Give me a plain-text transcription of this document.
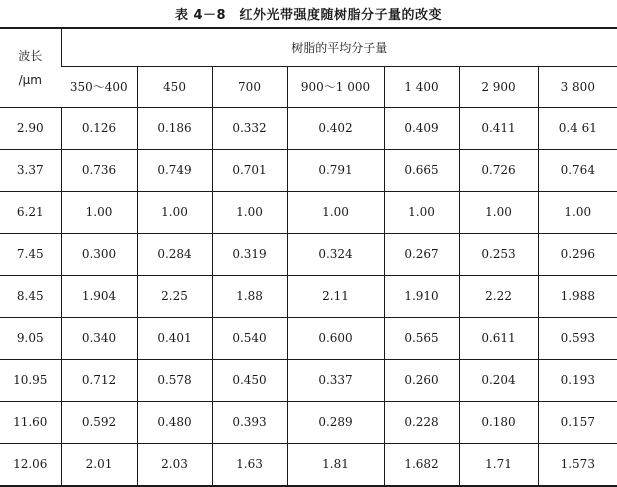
表 4－8　红外光带强度随树脂分子量的改变
波长
/μm	树脂的平均分子量						
	350～400	450	700	900～1 000	1 400	2 900	3 800
2.90	0.126	0.186	0.332	0.402	0.409	0.411	0.4 61
3.37	0.736	0.749	0.701	0.791	0.665	0.726	0.764
6.21	1.00	1.00	1.00	1.00	1.00	1.00	1.00
7.45	0.300	0.284	0.319	0.324	0.267	0.253	0.296
8.45	1.904	2.25	1.88	2.11	1.910	2.22	1.988
9.05	0.340	0.401	0.540	0.600	0.565	0.611	0.593
10.95	0.712	0.578	0.450	0.337	0.260	0.204	0.193
11.60	0.592	0.480	0.393	0.289	0.228	0.180	0.157
12.06	2.01	2.03	1.63	1.81	1.682	1.71	1.573
